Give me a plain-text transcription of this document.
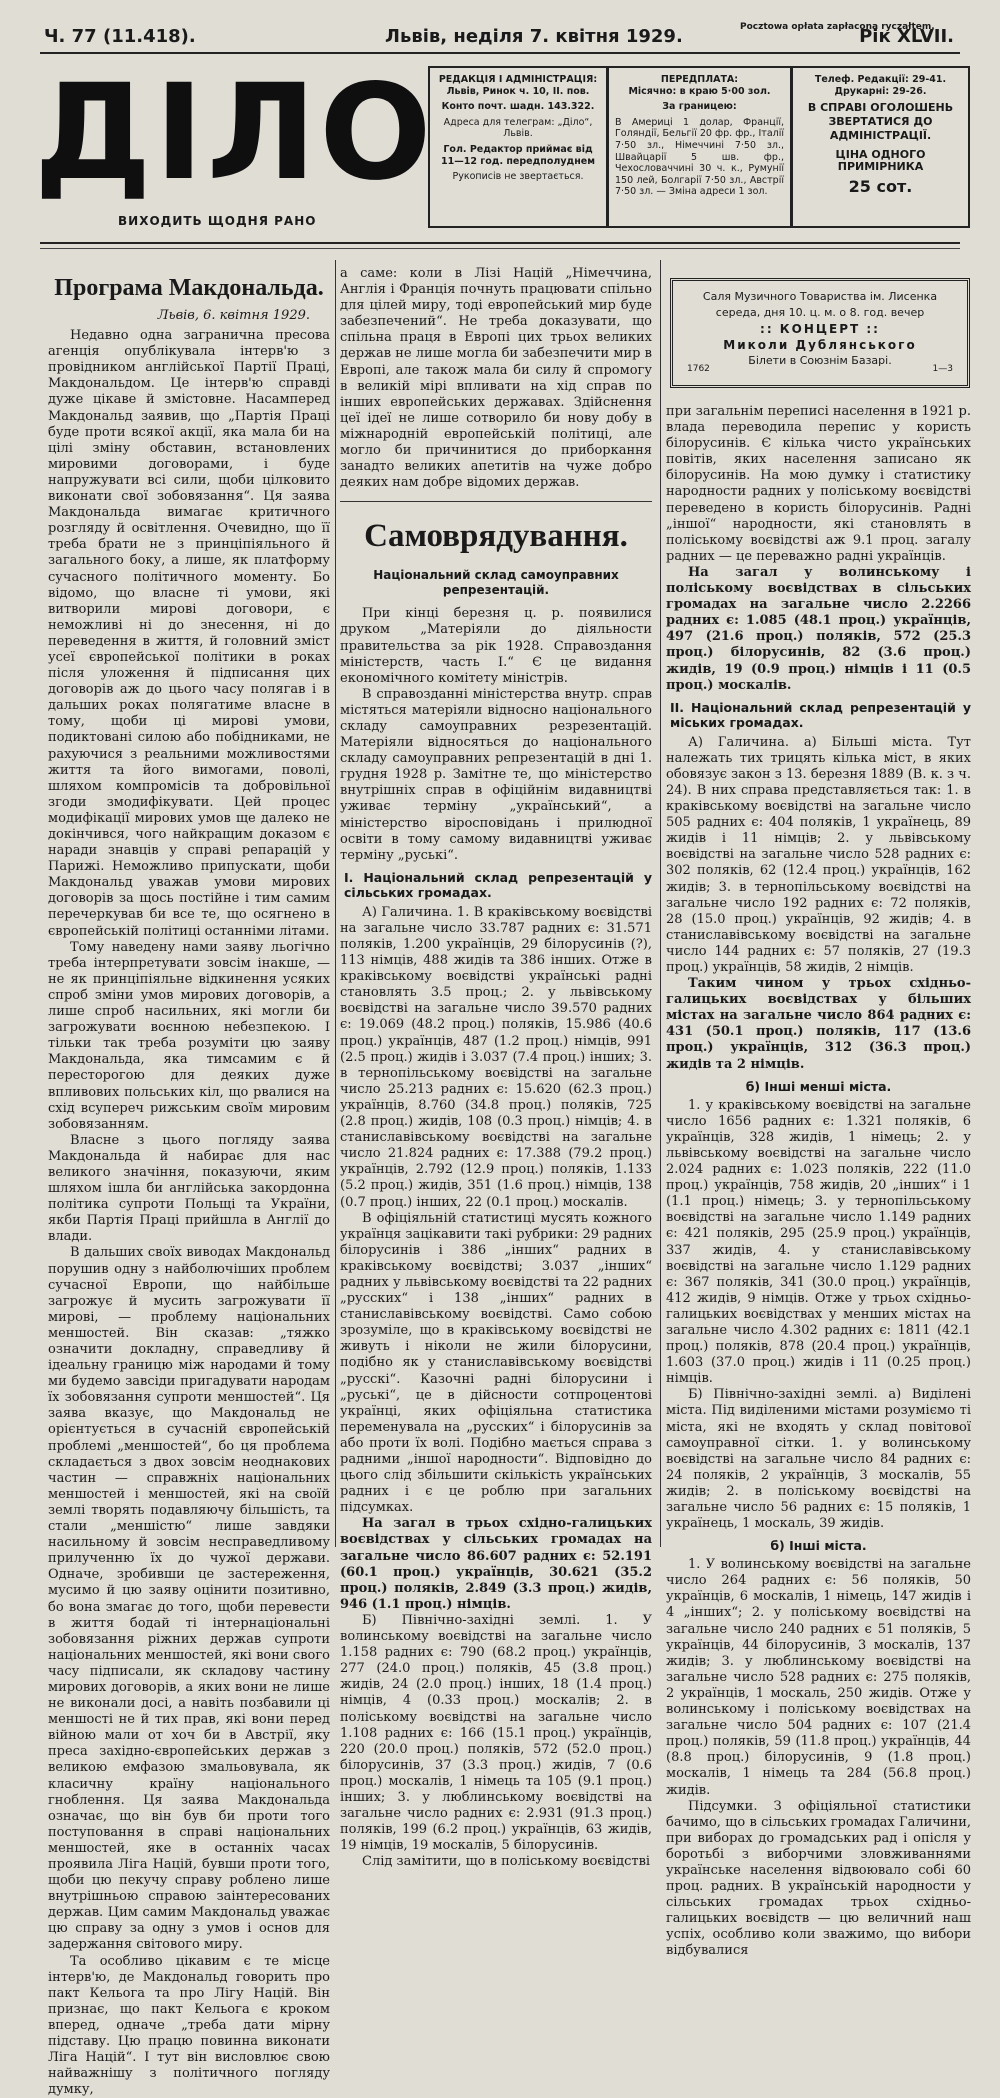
Ч. 77 (11.418).	Львів, неділя 7. квітня 1929.	Pocztowa opłata zapłacona ryczałtem.
Рік XLVII.
ДІЛО
ВИХОДИТЬ ЩОДНЯ РАНО

РЕДАКЦІЯ І АДМІНІСТРАЦІЯ:
Львів, Ринок ч. 10, II. пов.

Конто почт. шадн. 143.322.

Адреса для телеграм: „Діло“, Львів.

Гол. Редактор приймає від 11—12 год. передполуднем

Рукописів не звертається.

ПЕРЕДПЛАТА:
Місячно: в краю 5·00 зол.

За границею:

В Америці 1 долар, Франції, Голяндії, Бельгії 20 фр. фр., Італії 7·50 зл., Німеччині 7·50 зл., Швайцарії 5 шв. фр., Чехословаччині 30 ч. к., Румунії 150 лей, Болгарії 7·50 зл., Австрії 7·50 зл. — Зміна адреси 1 зол.

Телеф. Редакції: 29-41.
Друкарні: 29-26.

В СПРАВІ ОГОЛОШЕНЬ ЗВЕРТАТИСЯ ДО АДМІНІСТРАЦІЇ.

ЦІНА ОДНОГО ПРИМІРНИКА

25 сот.

Програма Макдональда.
Львів, 6. квітня 1929.

Недавно одна загранична пресова агенція опублікувала інтерв'ю з провідником англійської Партії Праці, Макдональдом. Це інтерв'ю справді дуже цікаве й змістовне. Насамперед Макдональд заявив, що „Партія Праці буде проти всякої акції, яка мала би на цілі зміну обставин, встановлених мировими договорами, і буде напружувати всі сили, щоби цілковито виконати свої зобовязання“. Ця заява Макдональда вимагає критичного розгляду й освітлення. Очевидно, що її треба брати не з принціпіяльного й загального боку, а лише, як платформу сучасного політичного моменту. Бо відомо, що власне ті умови, які витворили мирові договори, є неможливі ні до знесення, ні до переведення в життя, й головний зміст усеї європейської політики в роках після уложення й підписання цих договорів аж до цього часу полягав і в дальших роках полягатиме власне в тому, щоби ці мирові умови, подиктовані силою або побідниками, не рахуючися з реальними можливостями життя та його вимогами, поволі, шляхом компромісів та добровільної згоди змодифікувати. Цей процес модифікації мирових умов ще далеко не докінчився, чого найкращим доказом є наради знавців у справі репарацій у Парижі. Неможливо припускати, щоби Макдональд уважав умови мирових договорів за щось постійне і тим самим перечеркував би все те, що осягнено в європейській політиці останніми літами.

Тому наведену нами заяву льогічно треба інтерпретувати зовсім інакше, — не як принціпіяльне відкинення усяких спроб зміни умов мирових договорів, а лише спроб насильних, які могли би загрожувати воєнною небезпекою. І тільки так треба розуміти цю заяву Макдональда, яка тимсамим є й пересторогою для деяких дуже впливових польських кіл, що рвалися на схід всупереч рижським своїм мировим зобовязанням.

Власне з цього погляду заява Макдональда й набирає для нас великого значіння, показуючи, яким шляхом ішла би англійська закордонна політика супроти Польщі та України, якби Партія Праці прийшла в Англії до влади.

В дальших своїх виводах Макдональд порушив одну з найболючіших проблем сучасної Европи, що найбільше загрожує й мусить загрожувати її мирові, — проблему національних меншостей. Він сказав: „тяжко означити докладну, справедливу й ідеальну границю між народами й тому ми будемо завсіди пригадувати народам їх зобовязання супроти меншостей“. Ця заява вказує, що Макдональд не орієнтується в сучасній європейській проблемі „меншостей“, бо ця проблема складається з двох зовсім неоднакових частин — справжніх національних меншостей і меншостей, які на своїй землі творять подавляючу більшість, та стали „меншістю“ лише завдяки насильному й зовсім несправедливому прилученню їх до чужої держави. Одначе, зробивши це застереження, мусимо й цю заяву оцінити позитивно, бо вона змагає до того, щоби перевести в життя бодай ті інтернаціональні зобовязання ріжних держав супроти національних меншостей, які вони свого часу підписали, як складову частину мирових договорів, а яких вони не лише не виконали досі, а навіть позбавили ці меншості не й тих прав, які вони перед війною мали от хоч би в Австрії, яку преса західно-європейських держав з великою емфазою змальовувала, як класичну країну національного гноблення. Ця заява Макдональда означає, що він був би проти того поступовання в справі національних меншостей, яке в останніх часах проявила Ліга Націй, бувши проти того, щоби цю пекучу справу роблено лише внутрішньою справою заінтересованих держав. Цим самим Макдональд уважає цю справу за одну з умов і основ для задержання світового миру.

Та особливо цікавим є те місце інтерв'ю, де Макдональд говорить про пакт Кельога та про Лігу Націй. Він признає, що пакт Кельога є кроком вперед, одначе „треба дати мірну підставу. Цю працю повинна виконати Ліга Націй“. І тут він висловлює свою найважнішу з політичного погляду думку,

а саме: коли в Лізі Націй „Німеччина, Англія і Франція почнуть працювати спільно для цілей миру, тоді европейський мир буде забезпечений“. Не треба доказувати, що спільна праця в Европі цих трьох великих держав не лише могла би забезпечити мир в Европі, але також мала би силу й спромогу в великій мірі впливати на хід справ по інших европейських державах. Здійснення цеї ідеї не лише сотворило би нову добу в міжнародній европейській політиці, але могло би причинитися до приборкання занадто великих апетитів на чуже добро деяких нам добре відомих держав.

Самоврядування.
Національний склад самоуправних репрезентацій.

При кінці березня ц. р. появилися друком „Матеріяли до діяльности правительства за рік 1928. Справоздання міністерств, часть I.“ Є це видання економічного комітету міністрів.

В справозданні міністерства внутр. справ містяться матеріяли відносно національного складу самоуправних резрезентацій. Матеріяли відносяться до національного складу самоуправних репрезентацій в дні 1. грудня 1928 р. Замітне те, що міністерство внутрішніх справ в офіційнім видавництві уживає терміну „український“, а міністерство віросповідань і прилюдної освіти в тому самому видавництві уживає терміну „руські“.

I. Національний склад репрезентацій у сільських громадах.

А) Галичина. 1. В краківському воєвідстві на загальне число 33.787 радних є: 31.571 поляків, 1.200 українців, 29 білорусинів (?), 113 німців, 488 жидів та 386 інших. Отже в краківському воєвідстві українські радні становлять 3.5 проц.; 2. у львівському воєвідстві на загальне число 39.570 радних є: 19.069 (48.2 проц.) поляків, 15.986 (40.6 проц.) українців, 487 (1.2 проц.) німців, 991 (2.5 проц.) жидів і 3.037 (7.4 проц.) інших; 3. в тернопільському воєвідстві на загальне число 25.213 радних є: 15.620 (62.3 проц.) українців, 8.760 (34.8 проц.) поляків, 725 (2.8 проц.) жидів, 108 (0.3 проц.) німців; 4. в станиславівському воєвідстві на загальне число 21.824 радних є: 17.388 (79.2 проц.) українців, 2.792 (12.9 проц.) поляків, 1.133 (5.2 проц.) жидів, 351 (1.6 проц.) німців, 138 (0.7 проц.) інших, 22 (0.1 проц.) москалів.

В офіціяльній статистиці мусять кожного українця зацікавити такі рубрики: 29 радних білорусинів і 386 „інших“ радних в краківському воєвідстві; 3.037 „інших“ радних у львівському воєвідстві та 22 радних „русских“ і 138 „інших“ радних в станиславівському воєвідстві. Само собою зрозуміле, що в краківському воєвідстві не живуть і ніколи не жили білорусини, подібно як у станиславівському воєвідстві „русскі“. Казочні радні білорусини і „руські“, це в дійсности сотпроцентові українці, яких офіціяльна статистика переменувала на „русских“ і білорусинів за або проти їх волі. Подібно мається справа з радними „іншої народности“. Відповідно до цього слід збільшити скількість українських радних і є це роблю при загальних підсумках.

На загал в трьох східно-галицьких воєвідствах у сільських громадах на загальне число 86.607 радних є: 52.191 (60.1 проц.) українців, 30.621 (35.2 проц.) поляків, 2.849 (3.3 проц.) жидів, 946 (1.1 проц.) німців.

Б) Північно-західні землі. 1. У волинському воєвідстві на загальне число 1.158 радних є: 790 (68.2 проц.) українців, 277 (24.0 проц.) поляків, 45 (3.8 проц.) жидів, 24 (2.0 проц.) інших, 18 (1.4 проц.) німців, 4 (0.33 проц.) москалів; 2. в поліському воєвідстві на загальне число 1.108 радних є: 166 (15.1 проц.) українців, 220 (20.0 проц.) поляків, 572 (52.0 проц.) білорусинів, 37 (3.3 проц.) жидів, 7 (0.6 проц.) москалів, 1 німець та 105 (9.1 проц.) інших; 3. у люблинському воєвідстві на загальне число радних є: 2.931 (91.3 проц.) поляків, 199 (6.2 проц.) українців, 63 жидів, 19 німців, 19 москалів, 5 білорусинів.

Слід замітити, що в поліському воєвідстві

Саля Музичного Товариства ім. Лисенка
середа, дня 10. ц. м. о 8. год. вечер
:: КОНЦЕРТ ::
Миколи Дублянського
Білети в Союзнім Базарі.
1762	1—3

при загальнім переписі населення в 1921 р. влада переводила перепис у користь білорусинів. Є кілька чисто українських повітів, яких населення записано як білорусинів. На мою думку і статистику народности радних у поліському воєвідстві переведено в користь білорусинів. Радні „іншої“ народности, які становлять в поліському воєвідстві аж 9.1 проц. загалу радних — це переважно радні українців.

На загал у волинському і поліському воєвідствах в сільських громадах на загальне число 2.2266 радних є: 1.085 (48.1 проц.) українців, 497 (21.6 проц.) поляків, 572 (25.3 проц.) білорусинів, 82 (3.6 проц.) жидів, 19 (0.9 проц.) німців і 11 (0.5 проц.) москалів.

II. Національний склад репрезентацій у міських громадах.

А) Галичина. а) Більші міста. Тут належать тих трицять кілька міст, в яких обовязує закон з 13. березня 1889 (В. к. з ч. 24). В них справа представляється так: 1. в краківському воєвідстві на загальне число 505 радних є: 404 поляків, 1 українець, 89 жидів і 11 німців; 2. у львівському воєвідстві на загальне число 528 радних є: 302 поляків, 62 (12.4 проц.) українців, 162 жидів; 3. в тернопільському воєвідстві на загальне число 192 радних є: 72 поляків, 28 (15.0 проц.) українців, 92 жидів; 4. в станиславівському воєвідстві на загальне число 144 радних є: 57 поляків, 27 (19.3 проц.) українців, 58 жидів, 2 німців.

Таким чином у трьох східньо-галицьких воєвідствах у більших містах на загальне число 864 радних є: 431 (50.1 проц.) поляків, 117 (13.6 проц.) українців, 312 (36.3 проц.) жидів та 2 німців.

б) Інші менші міста.

1. у краківському воєвідстві на загальне число 1656 радних є: 1.321 поляків, 6 українців, 328 жидів, 1 німець; 2. у львівському воєвідстві на загальне число 2.024 радних є: 1.023 поляків, 222 (11.0 проц.) українців, 758 жидів, 20 „інших“ і 1 (1.1 проц.) німець; 3. у тернопільському воєвідстві на загальне число 1.149 радних є: 421 поляків, 295 (25.9 проц.) українців, 337 жидів, 4. у станиславівському воєвідстві на загальне число 1.129 радних є: 367 поляків, 341 (30.0 проц.) українців, 412 жидів, 9 німців. Отже у трьох східньо-галицьких воєвідствах у менших містах на загальне число 4.302 радних є: 1811 (42.1 проц.) поляків, 878 (20.4 проц.) українців, 1.603 (37.0 проц.) жидів і 11 (0.25 проц.) німців.

Б) Північно-західні землі. а) Виділені міста. Під виділеними містами розуміємо ті міста, які не входять у склад повітової самоуправної сітки. 1. у волинському воєвідстві на загальне число 84 радних є: 24 поляків, 2 українців, 3 москалів, 55 жидів; 2. в поліському воєвідстві на загальне число 56 радних є: 15 поляків, 1 українець, 1 москаль, 39 жидів.

б) Інші міста.

1. У волинському воєвідстві на загальне число 264 радних є: 56 поляків, 50 українців, 6 москалів, 1 німець, 147 жидів і 4 „інших“; 2. у поліському воєвідстві на загальне число 240 радних є 51 поляків, 5 українців, 44 білорусинів, 3 москалів, 137 жидів; 3. у люблинському воєвідстві на загальне число 528 радних є: 275 поляків, 2 українців, 1 москаль, 250 жидів. Отже у волинському і поліському воєвідствах на загальне число 504 радних є: 107 (21.4 проц.) поляків, 59 (11.8 проц.) українців, 44 (8.8 проц.) білорусинів, 9 (1.8 проц.) москалів, 1 німець та 284 (56.8 проц.) жидів.

Підсумки. З офіціяльної статистики бачимо, що в сільських громадах Галичини, при виборах до громадських рад і опісля у боротьбі з виборчими зловживаннями українське населення відвоювало собі 60 проц. радних. В українській народности у сільських громадах трьох східньо-галицьких воєвідств — цю величний наш успіх, особливо коли зважимо, що вибори відбувалися
